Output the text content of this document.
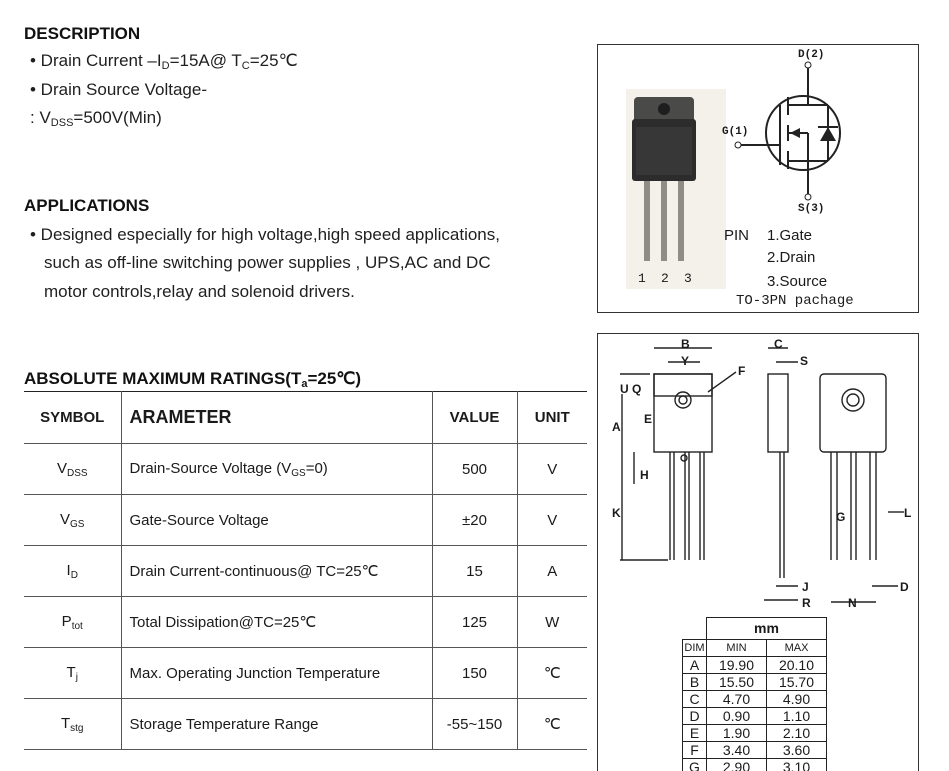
DESCRIPTION
• Drain Current $-I_D=15A@$ $T_C=25℃$
• Drain Source Voltage-
: $V_{DSS}=500V(Min)$
APPLICATIONS
• Designed especially for high voltage,high speed applications,
such as off-line switching power supplies , UPS,AC and DC
motor controls,relay and solenoid drivers.
ABSOLUTE MAXIMUM $RATINGS(T_a=25℃)$
SYMBOL	ARAMETER	VALUE	UNIT
$V_{DSS}$	Drain-Source Voltage $(V_{GS}=0)$	500	V
$V_{GS}$	Gate-Source Voltage	±20	V
$I_D$	Drain Current-continuous@ TC=25℃	15	A
$P_{tot}$	Total Dissipation@TC=25℃	125	W
$T_j$	Max. Operating Junction Temperature	150	℃
$T_{stg}$	Storage Temperature Range	-55~150	℃
1 2 3
D(2)
G(1)
S(3)
PIN 1.Gate
2.Drain
3.Source
TO-3PN pachage
B
Y
C
S
F
U Q
E
A
H
K	G	L
J
R	N
D
	mm	
DIM	MIN	MAX
A	19.90	20.10
B	15.50	15.70
C	4.70	4.90
D	0.90	1.10
E	1.90	2.10
F	3.40	3.60
G	2.90	3.10
